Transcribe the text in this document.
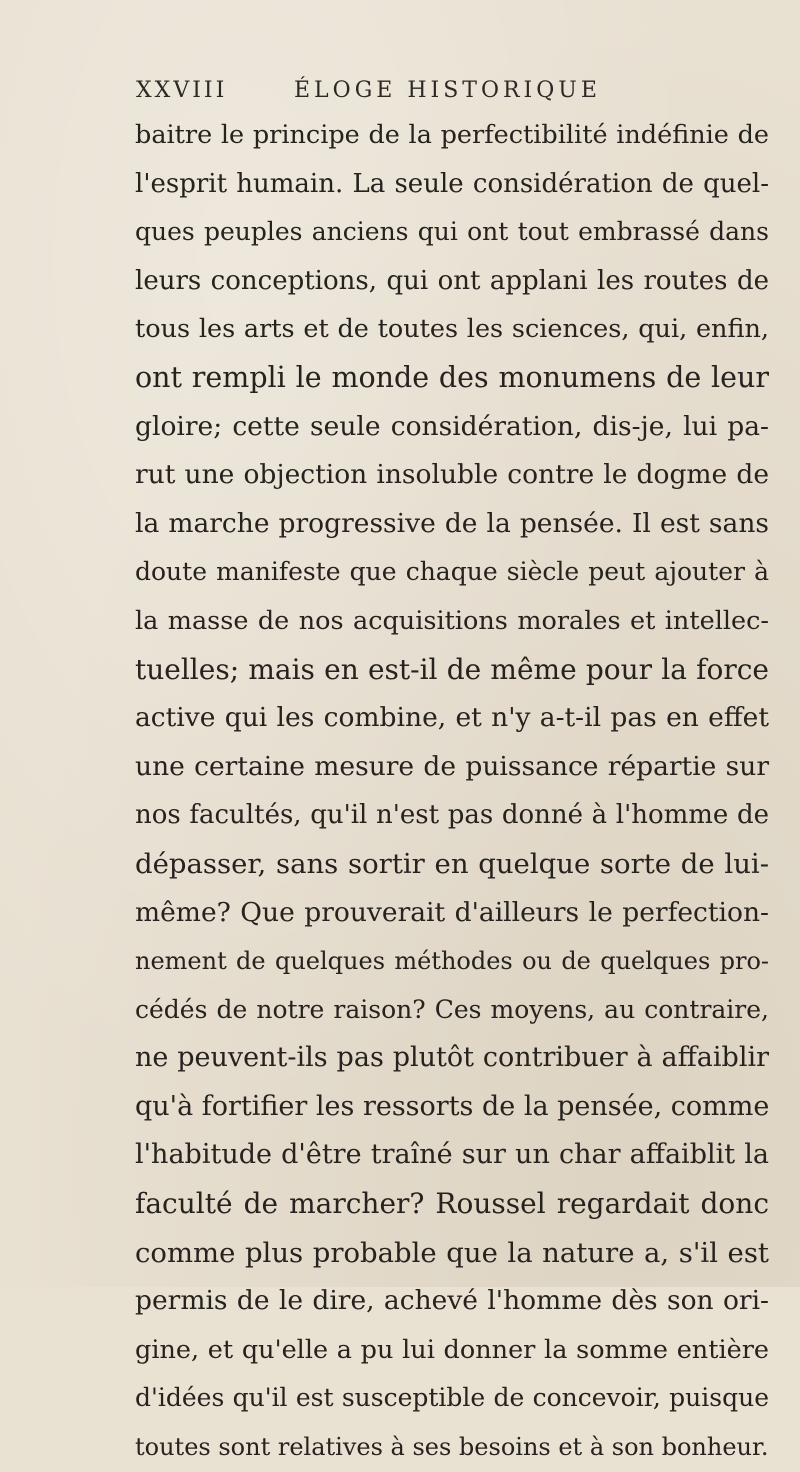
XXVIII	ÉLOGE HISTORIQUE
baitre le principe de la perfectibilité indéfinie de
l'esprit humain. La seule considération de quel-
ques peuples anciens qui ont tout embrassé dans
leurs conceptions, qui ont applani les routes de
tous les arts et de toutes les sciences, qui, enfin,
ont rempli le monde des monumens de leur
gloire; cette seule considération, dis-je, lui pa-
rut une objection insoluble contre le dogme de
la marche progressive de la pensée. Il est sans
doute manifeste que chaque siècle peut ajouter à
la masse de nos acquisitions morales et intellec-
tuelles; mais en est-il de même pour la force
active qui les combine, et n'y a-t-il pas en effet
une certaine mesure de puissance répartie sur
nos facultés, qu'il n'est pas donné à l'homme de
dépasser, sans sortir en quelque sorte de lui-
même? Que prouverait d'ailleurs le perfection-
nement de quelques méthodes ou de quelques pro-
cédés de notre raison? Ces moyens, au contraire,
ne peuvent-ils pas plutôt contribuer à affaiblir
qu'à fortifier les ressorts de la pensée, comme
l'habitude d'être traîné sur un char affaiblit la
faculté de marcher? Roussel regardait donc
comme plus probable que la nature a, s'il est
permis de le dire, achevé l'homme dès son ori-
gine, et qu'elle a pu lui donner la somme entière
d'idées qu'il est susceptible de concevoir, puisque
toutes sont relatives à ses besoins et à son bonheur.
